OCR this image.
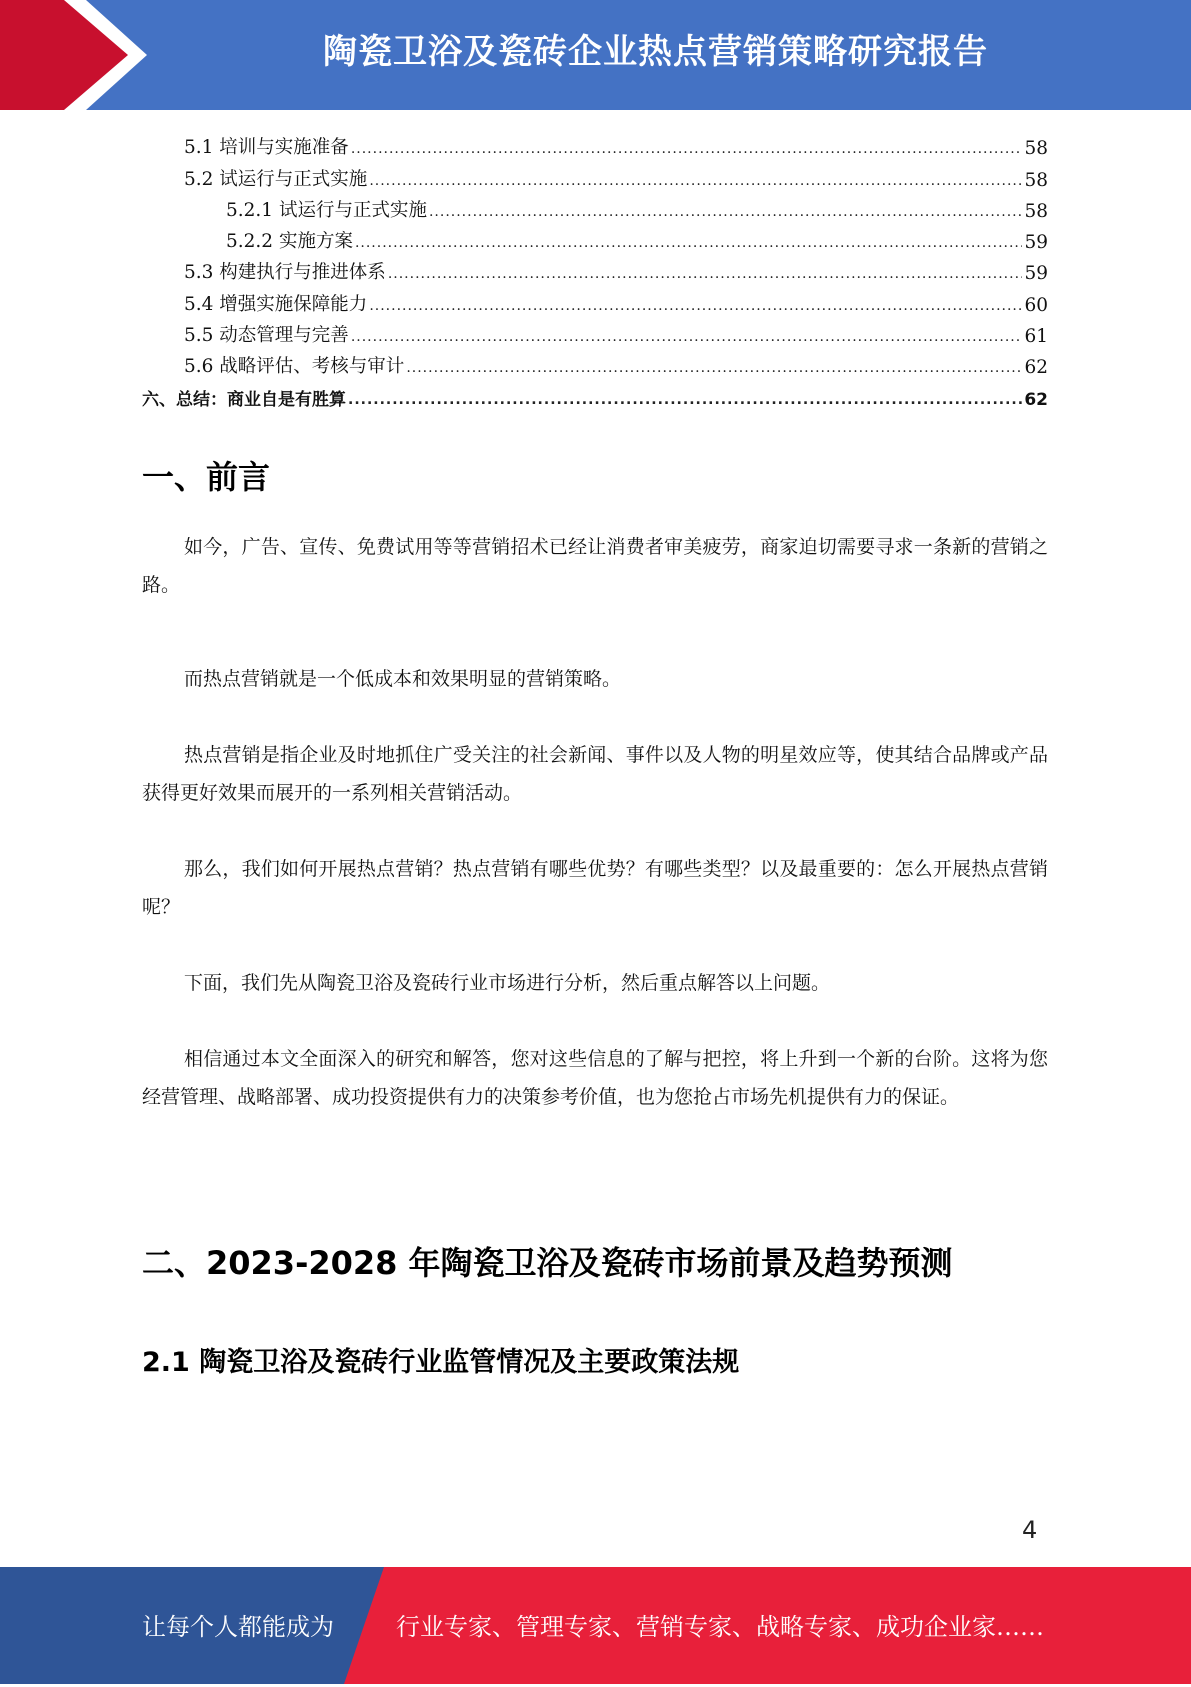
陶瓷卫浴及瓷砖企业热点营销策略研究报告
5.1 培训与实施准备 .....	58
5.2 试运行与正式实施 .....	58
5.2.1 试运行与正式实施 .....	58
5.2.2 实施方案 .....	59
5.3 构建执行与推进体系 .....	59
5.4 增强实施保障能力 .....	60
5.5 动态管理与完善 .....	61
5.6 战略评估、考核与审计 .....	62
六、总结：商业自是有胜算 .....	62
一、前言

如今，广告、宣传、免费试用等等营销招术已经让消费者审美疲劳，商家迫切需要寻求一条新的营销之路。

而热点营销就是一个低成本和效果明显的营销策略。

热点营销是指企业及时地抓住广受关注的社会新闻、事件以及人物的明星效应等，使其结合品牌或产品获得更好效果而展开的一系列相关营销活动。

那么，我们如何开展热点营销？热点营销有哪些优势？有哪些类型？以及最重要的：怎么开展热点营销呢？

下面，我们先从陶瓷卫浴及瓷砖行业市场进行分析，然后重点解答以上问题。

相信通过本文全面深入的研究和解答，您对这些信息的了解与把控，将上升到一个新的台阶。这将为您经营管理、战略部署、成功投资提供有力的决策参考价值，也为您抢占市场先机提供有力的保证。

二、2023-2028 年陶瓷卫浴及瓷砖市场前景及趋势预测
2.1 陶瓷卫浴及瓷砖行业监管情况及主要政策法规
4
让每个人都能成为	行业专家、管理专家、营销专家、战略专家、成功企业家……
